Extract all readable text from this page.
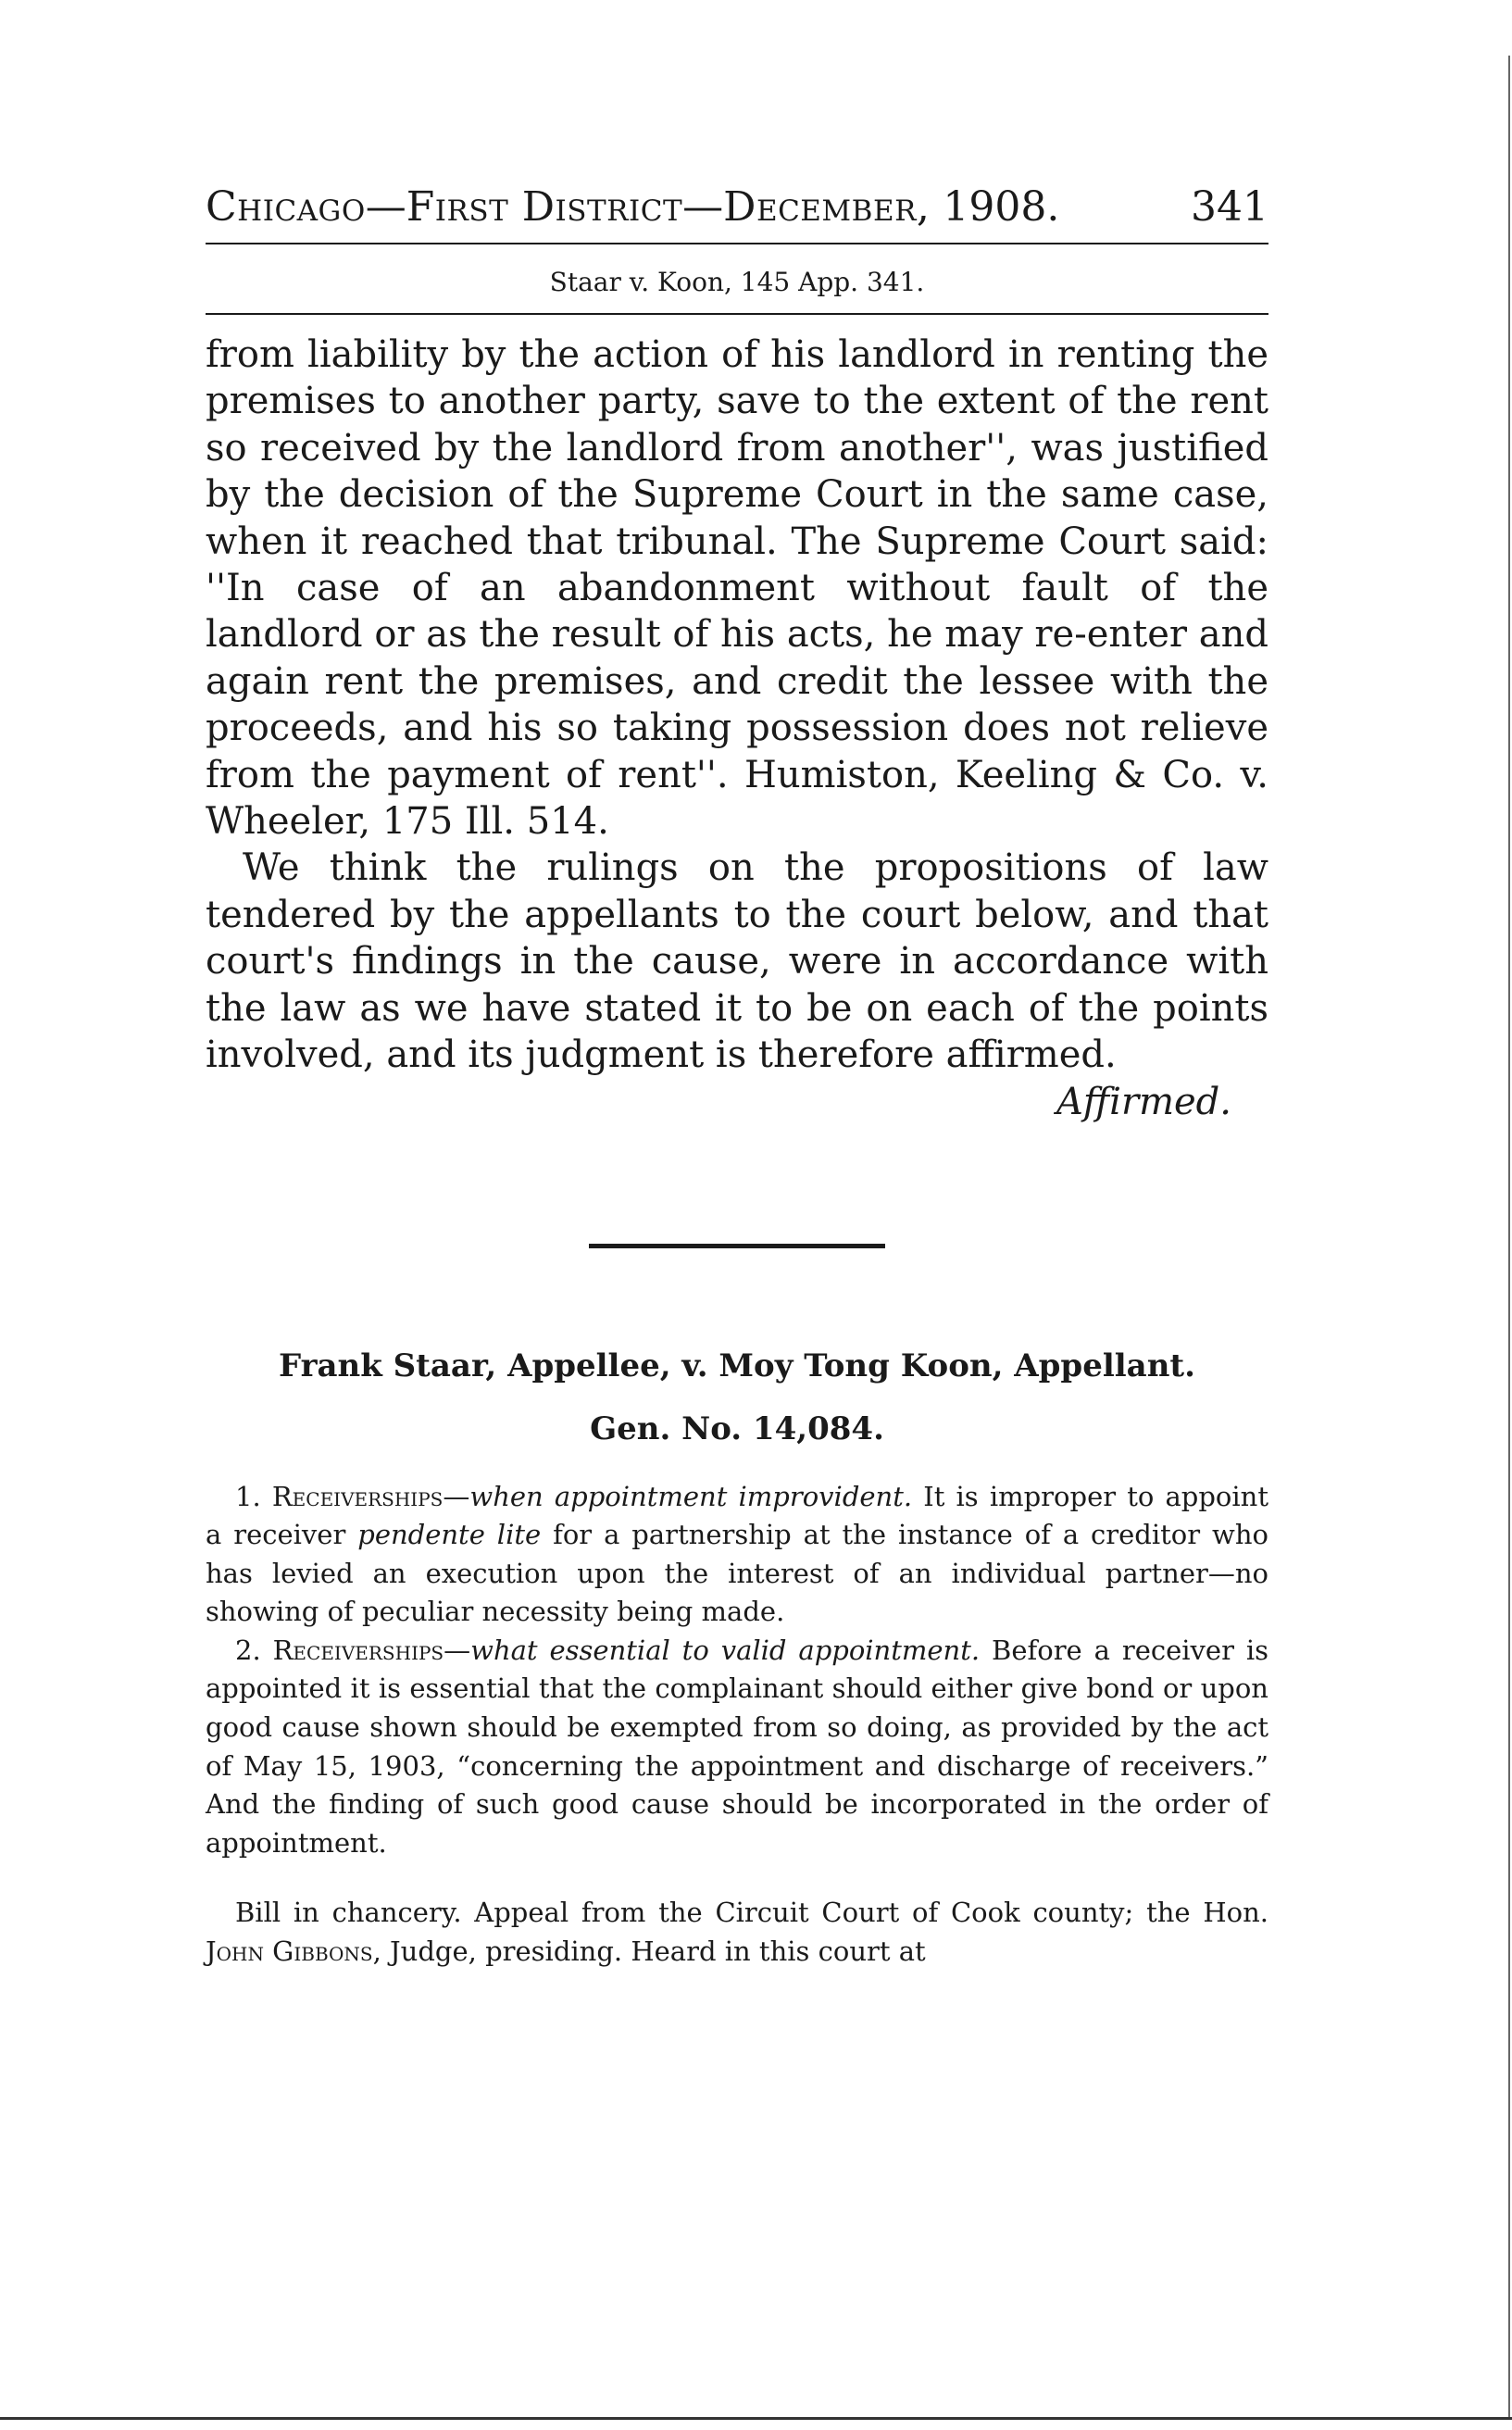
Chicago—First District—December, 1908.	341
Staar v. Koon, 145 App. 341.

from liability by the action of his landlord in renting the premises to another party, save to the extent of the rent so received by the landlord from another'', was justified by the decision of the Supreme Court in the same case, when it reached that tribunal. The Supreme Court said: ''In case of an abandonment without fault of the landlord or as the result of his acts, he may re-enter and again rent the premises, and credit the lessee with the proceeds, and his so taking possession does not relieve from the payment of rent''. Humiston, Keeling & Co. v. Wheeler, 175 Ill. 514.

We think the rulings on the propositions of law tendered by the appellants to the court below, and that court's findings in the cause, were in accordance with the law as we have stated it to be on each of the points involved, and its judgment is therefore affirmed.

Affirmed.
Frank Staar, Appellee, v. Moy Tong Koon, Appellant.
Gen. No. 14,084.

1. Receiverships—when appointment improvident. It is improper to appoint a receiver pendente lite for a partnership at the instance of a creditor who has levied an execution upon the interest of an individual partner—no showing of peculiar necessity being made.

2. Receiverships—what essential to valid appointment. Before a receiver is appointed it is essential that the complainant should either give bond or upon good cause shown should be exempted from so doing, as provided by the act of May 15, 1903, “concerning the appointment and discharge of receivers.” And the finding of such good cause should be incorporated in the order of appointment.

Bill in chancery. Appeal from the Circuit Court of Cook county; the Hon. John Gibbons, Judge, presiding. Heard in this court at
